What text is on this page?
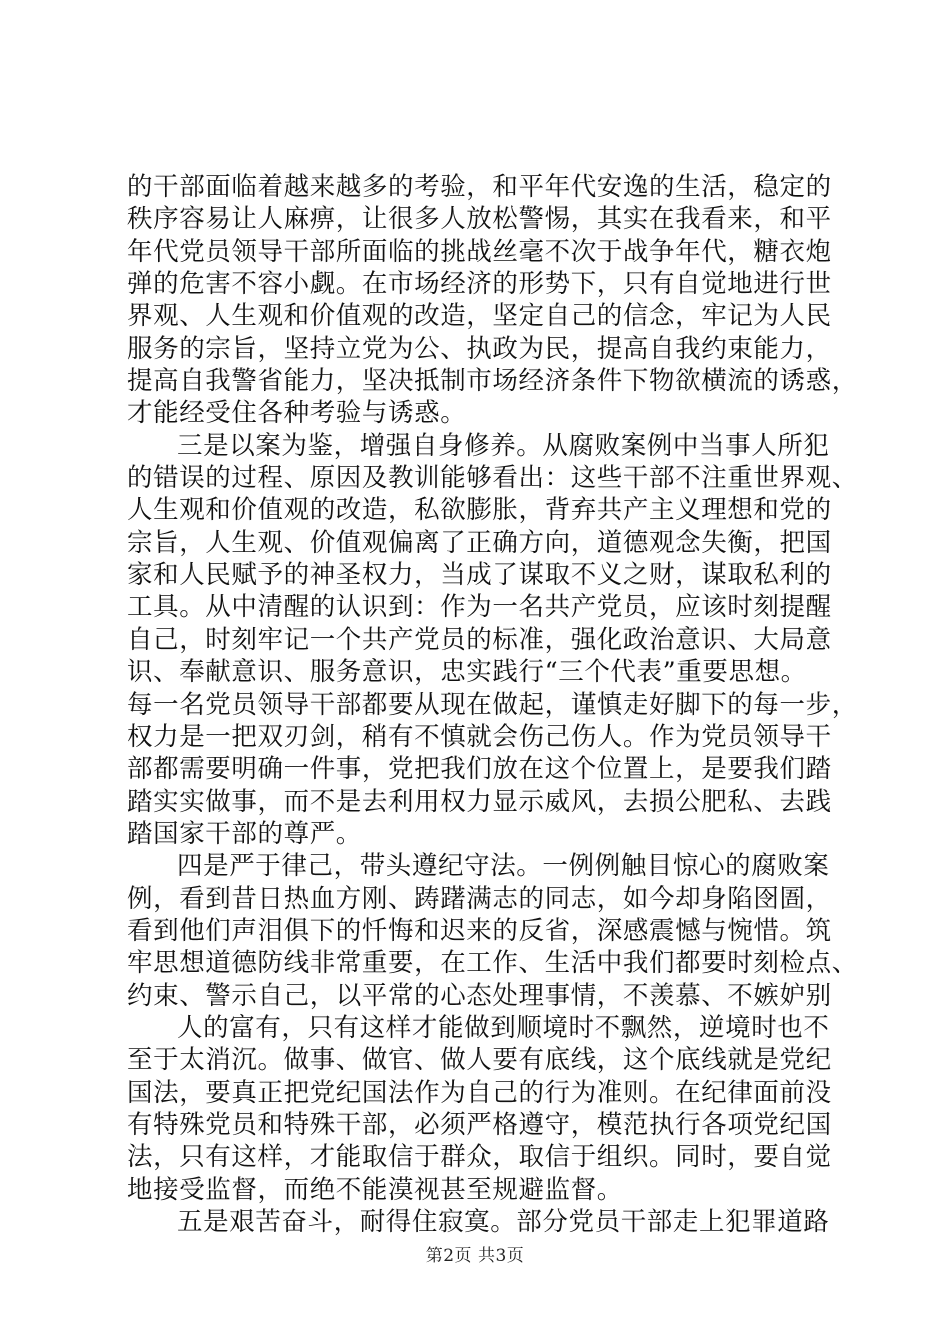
的干部面临着越来越多的考验，和平年代安逸的生活，稳定的
秩序容易让人麻痹，让很多人放松警惕，其实在我看来，和平
年代党员领导干部所面临的挑战丝毫不次于战争年代，糖衣炮
弹的危害不容小觑。在市场经济的形势下，只有自觉地进行世
界观、人生观和价值观的改造，坚定自己的信念，牢记为人民
服务的宗旨，坚持立党为公、执政为民，提高自我约束能力，
提高自我警省能力，坚决抵制市场经济条件下物欲横流的诱惑，
才能经受住各种考验与诱惑。
三是以案为鉴，增强自身修养。从腐败案例中当事人所犯
的错误的过程、原因及教训能够看出：这些干部不注重世界观、
人生观和价值观的改造，私欲膨胀，背弃共产主义理想和党的
宗旨，人生观、价值观偏离了正确方向，道德观念失衡，把国
家和人民赋予的神圣权力，当成了谋取不义之财，谋取私利的
工具。从中清醒的认识到：作为一名共产党员，应该时刻提醒
自己，时刻牢记一个共产党员的标准，强化政治意识、大局意
识、奉献意识、服务意识，忠实践行“三个代表”重要思想。
每一名党员领导干部都要从现在做起，谨慎走好脚下的每一步，
权力是一把双刃剑，稍有不慎就会伤己伤人。作为党员领导干
部都需要明确一件事，党把我们放在这个位置上，是要我们踏
踏实实做事，而不是去利用权力显示威风，去损公肥私、去践
踏国家干部的尊严。
四是严于律己，带头遵纪守法。一例例触目惊心的腐败案
例，看到昔日热血方刚、踌躇满志的同志，如今却身陷囹圄，
看到他们声泪俱下的忏悔和迟来的反省，深感震憾与惋惜。筑
牢思想道德防线非常重要，在工作、生活中我们都要时刻检点、
约束、警示自己，以平常的心态处理事情，不羡慕、不嫉妒别
人的富有，只有这样才能做到顺境时不飘然，逆境时也不
至于太消沉。做事、做官、做人要有底线，这个底线就是党纪
国法，要真正把党纪国法作为自己的行为准则。在纪律面前没
有特殊党员和特殊干部，必须严格遵守，模范执行各项党纪国
法，只有这样，才能取信于群众，取信于组织。同时，要自觉
地接受监督，而绝不能漠视甚至规避监督。
五是艰苦奋斗，耐得住寂寞。部分党员干部走上犯罪道路
第2页 共3页
